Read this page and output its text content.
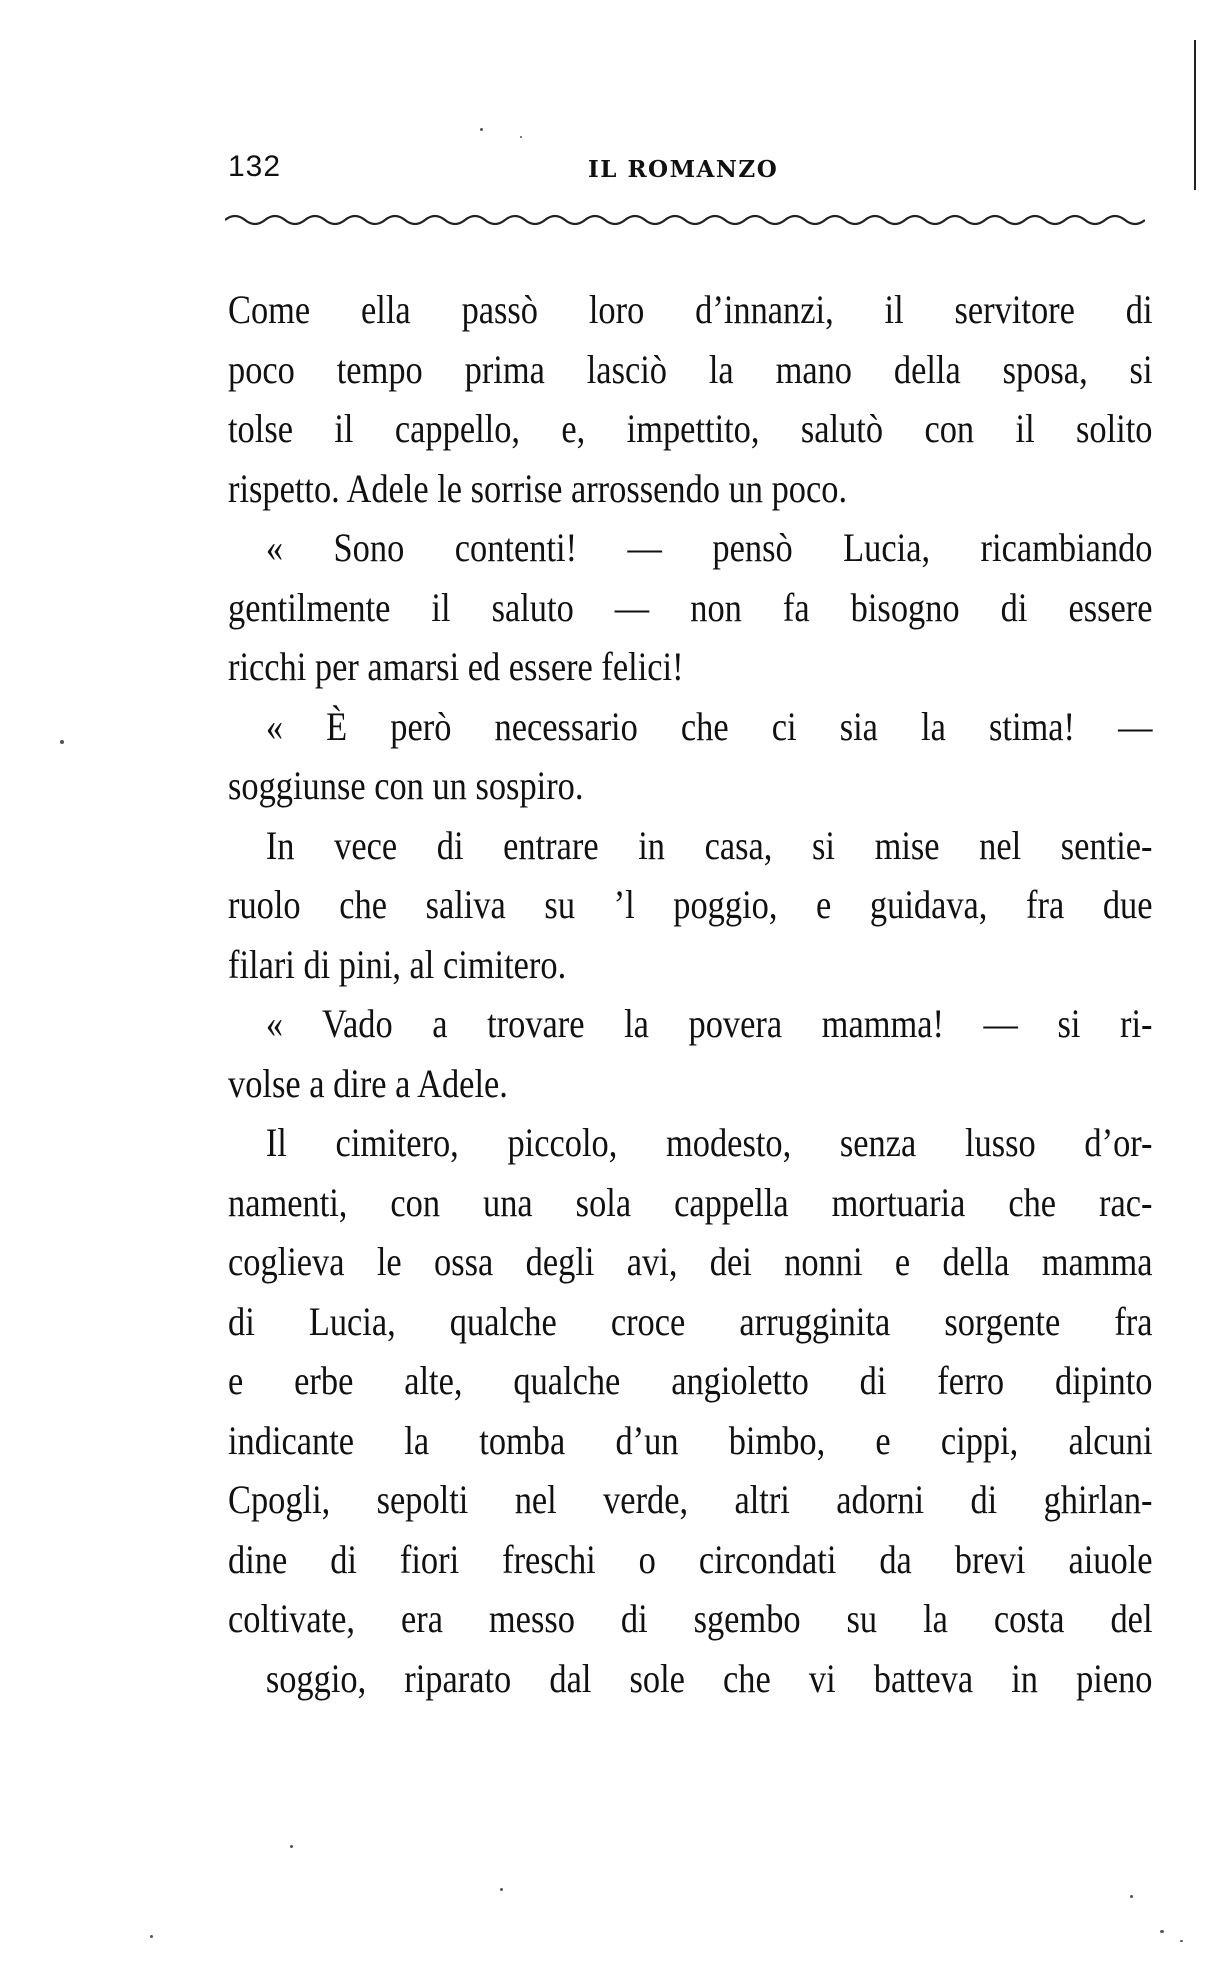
132	IL ROMANZO
Come ella passò loro d’innanzi, il servitore di
poco tempo prima lasciò la mano della sposa, si
tolse il cappello, e, impettito, salutò con il solito
rispetto. Adele le sorrise arrossendo un poco.
« Sono contenti! — pensò Lucia, ricambiando
gentilmente il saluto — non fa bisogno di essere
ricchi per amarsi ed essere felici!
« È però necessario che ci sia la stima! —
soggiunse con un sospiro.
In vece di entrare in casa, si mise nel sentie-
ruolo che saliva su ’l poggio, e guidava, fra due
filari di pini, al cimitero.
« Vado a trovare la povera mamma! — si ri-
volse a dire a Adele.
Il cimitero, piccolo, modesto, senza lusso d’or-
namenti, con una sola cappella mortuaria che rac-
coglieva le ossa degli avi, dei nonni e della mamma
di Lucia, qualche croce arrugginita sorgente fra
e erbe alte, qualche angioletto di ferro dipinto
indicante la tomba d’un bimbo, e cippi, alcuni
Cpogli, sepolti nel verde, altri adorni di ghirlan-
dine di fiori freschi o circondati da brevi aiuole
coltivate, era messo di sgembo su la costa del
soggio, riparato dal sole che vi batteva in pieno
